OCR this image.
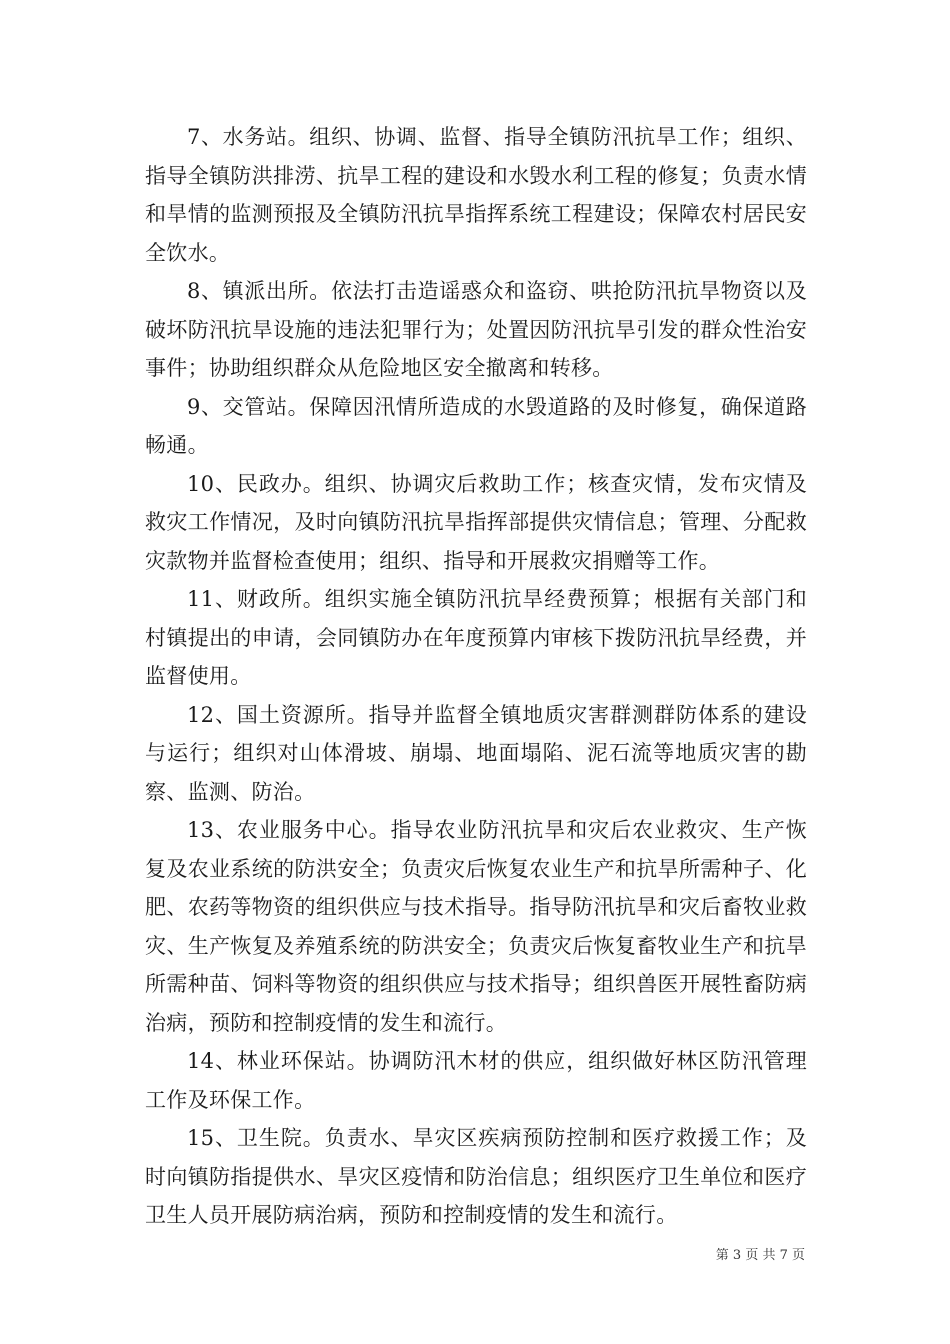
7、水务站。组织、协调、监督、指导全镇防汛抗旱工作；组织、指导全镇防洪排涝、抗旱工程的建设和水毁水利工程的修复；负责水情和旱情的监测预报及全镇防汛抗旱指挥系统工程建设；保障农村居民安全饮水。

8、镇派出所。依法打击造谣惑众和盗窃、哄抢防汛抗旱物资以及破坏防汛抗旱设施的违法犯罪行为；处置因防汛抗旱引发的群众性治安事件；协助组织群众从危险地区安全撤离和转移。

9、交管站。保障因汛情所造成的水毁道路的及时修复，确保道路畅通。

10、民政办。组织、协调灾后救助工作；核查灾情，发布灾情及救灾工作情况，及时向镇防汛抗旱指挥部提供灾情信息；管理、分配救灾款物并监督检查使用；组织、指导和开展救灾捐赠等工作。

11、财政所。组织实施全镇防汛抗旱经费预算；根据有关部门和村镇提出的申请，会同镇防办在年度预算内审核下拨防汛抗旱经费，并监督使用。

12、国土资源所。指导并监督全镇地质灾害群测群防体系的建设与运行；组织对山体滑坡、崩塌、地面塌陷、泥石流等地质灾害的勘察、监测、防治。

13、农业服务中心。指导农业防汛抗旱和灾后农业救灾、生产恢复及农业系统的防洪安全；负责灾后恢复农业生产和抗旱所需种子、化肥、农药等物资的组织供应与技术指导。指导防汛抗旱和灾后畜牧业救灾、生产恢复及养殖系统的防洪安全；负责灾后恢复畜牧业生产和抗旱所需种苗、饲料等物资的组织供应与技术指导；组织兽医开展牲畜防病治病，预防和控制疫情的发生和流行。

14、林业环保站。协调防汛木材的供应，组织做好林区防汛管理工作及环保工作。

15、卫生院。负责水、旱灾区疾病预防控制和医疗救援工作；及时向镇防指提供水、旱灾区疫情和防治信息；组织医疗卫生单位和医疗卫生人员开展防病治病，预防和控制疫情的发生和流行。

第 3 页 共 7 页
